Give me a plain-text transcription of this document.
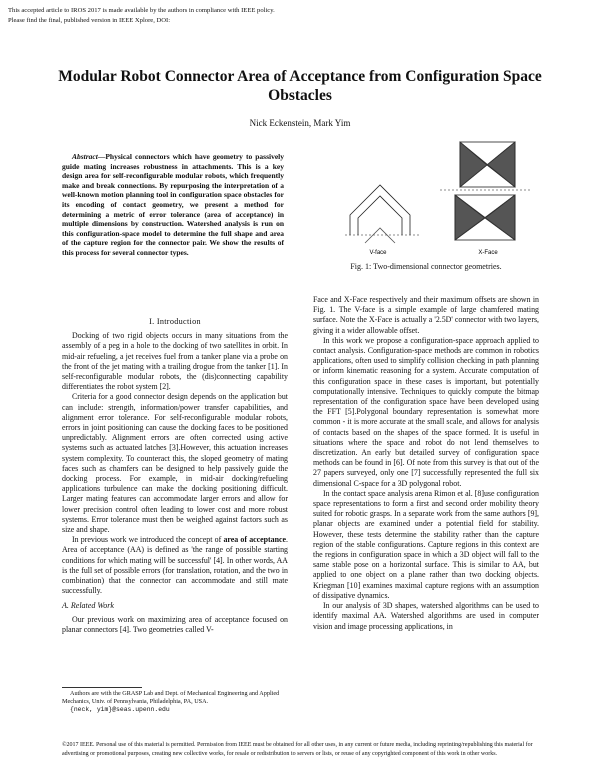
This accepted article to IROS 2017 is made available by the authors in compliance with IEEE policy.
Please find the final, published version in IEEE Xplore, DOI:
Modular Robot Connector Area of Acceptance from Configuration Space Obstacles
Nick Eckenstein, Mark Yim

Abstract—Physical connectors which have geometry to passively guide mating increases robustness in attachments. This is a key design area for self-reconfigurable modular robots, which frequently make and break connections. By repurposing the interpretation of a well-known motion planning tool in configuration space obstacles for its encoding of contact geometry, we present a method for determining a metric of error tolerance (area of acceptance) in multiple dimensions by construction. Watershed analysis is run on this configuration-space model to determine the full shape and area of the capture region for the connector pair. We show the results of this process for several connector types.

I. Introduction

Docking of two rigid objects occurs in many situations from the assembly of a peg in a hole to the docking of two satellites in orbit. In mid-air refueling, a jet receives fuel from a tanker plane via a probe on the front of the jet mating with a trailing drogue from the tanker [1]. In self-reconfigurable modular robots, the (dis)connecting capability differentiates the robot system [2].

Criteria for a good connector design depends on the application but can include: strength, information/power transfer capabilities, and alignment error tolerance. For self-reconfigurable modular robots, errors in joint positioning can cause the docking faces to be positioned unpredictably. Alignment errors are often corrected using active systems such as actuated latches [3].However, this actuation increases system complexity. To counteract this, the sloped geometry of mating faces such as chamfers can be designed to help passively guide the docking process. For example, in mid-air docking/refueling applications turbulence can make the docking positioning difficult. Larger mating features can accommodate larger errors and allow for lower precision control often leading to lower cost and more robust systems. Error tolerance must then be weighed against factors such as size and shape.

In previous work we introduced the concept of area of acceptance. Area of acceptance (AA) is defined as 'the range of possible starting conditions for which mating will be successful' [4]. In other words, AA is the full set of possible errors (for translation, rotation, and the two in combination) that the connector can accommodate and still mate successfully.

A. Related Work

Our previous work on maximizing area of acceptance focused on planar connectors [4]. Two geometries called V-

Authors are with the GRASP Lab and Dept. of Mechanical Engineering and Applied Mechanics, Univ. of Pennsylvania, Philadelphia, PA, USA.
{neck, yim}@seas.upenn.edu
V-face	X-Face
Fig. 1: Two-dimensional connector geometries.

Face and X-Face respectively and their maximum offsets are shown in Fig. 1. The V-face is a simple example of large chamfered mating surface. Note the X-Face is actually a '2.5D' connector with two layers, giving it a wider allowable offset.

In this work we propose a configuration-space approach applied to contact analysis. Configuration-space methods are common in robotics applications, often used to simplify collision checking in path planning or inform kinematic reasoning for a system. Accurate computation of this configuration space in these cases is important, but potentially computationally intensive. Techniques to quickly compute the bitmap representation of the configuration space have been developed using the FFT [5].Polygonal boundary representation is somewhat more common - it is more accurate at the small scale, and allows for analysis of contacts based on the shapes of the space formed. It is useful in situations where the space and robot do not lend themselves to discretization. An early but detailed survey of configuration space methods can be found in [6]. Of note from this survey is that out of the 27 papers surveyed, only one [7] successfully represented the full six dimensional C-space for a 3D polygonal robot.

In the contact space analysis arena Rimon et al. [8]use configuration space representations to form a first and second order mobility theory suited for robotic grasps. In a separate work from the same authors [9], planar objects are examined under a potential field for stability. However, these tests determine the stability rather than the capture region of the stable configurations. Capture regions in this context are the regions in configuration space in which a 3D object will fall to the same stable pose on a horizontal surface. This is similar to AA, but applied to one object on a plane rather than two docking objects. Kriegman [10] examines maximal capture regions with an assumption of dissipative dynamics.

In our analysis of 3D shapes, watershed algorithms can be used to identify maximal AA. Watershed algorithms are used in computer vision and image processing applications, in

©2017 IEEE. Personal use of this material is permitted. Permission from IEEE must be obtained for all other uses, in any current or future media, including reprinting/republishing this material for advertising or promotional purposes, creating new collective works, for resale or redistribution to servers or lists, or reuse of any copyrighted component of this work in other works.
